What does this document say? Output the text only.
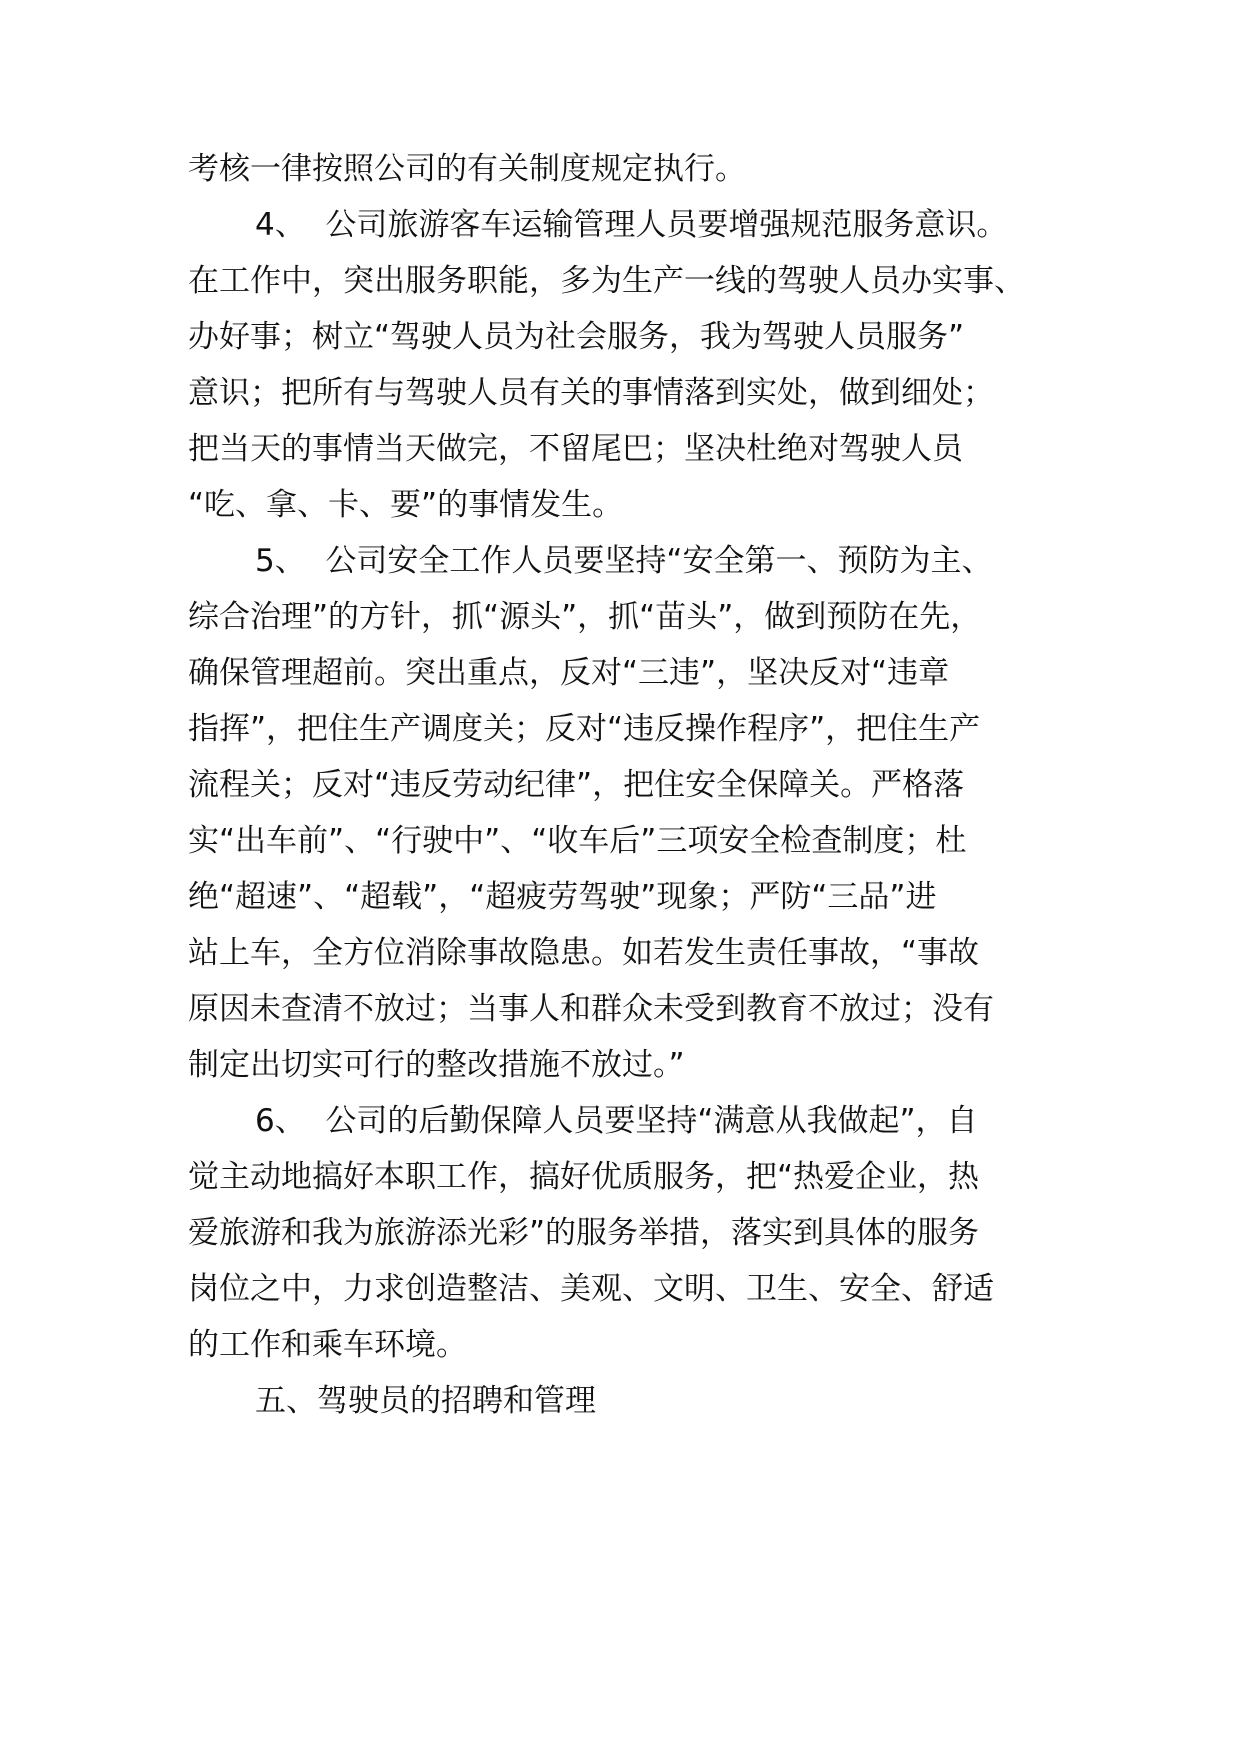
考核一律按照公司的有关制度规定执行。
4、  公司旅游客车运输管理人员要增强规范服务意识。
在工作中，突出服务职能，多为生产一线的驾驶人员办实事、
办好事；树立“驾驶人员为社会服务，我为驾驶人员服务”
意识；把所有与驾驶人员有关的事情落到实处，做到细处；
把当天的事情当天做完，不留尾巴；坚决杜绝对驾驶人员
“吃、拿、卡、要”的事情发生。
5、  公司安全工作人员要坚持“安全第一、预防为主、
综合治理”的方针，抓“源头”，抓“苗头”，做到预防在先，
确保管理超前。突出重点，反对“三违”，坚决反对“违章
指挥”，把住生产调度关；反对“违反操作程序”，把住生产
流程关；反对“违反劳动纪律”，把住安全保障关。严格落
实“出车前”、“行驶中”、“收车后”三项安全检查制度；杜
绝“超速”、“超载”，“超疲劳驾驶”现象；严防“三品”进
站上车，全方位消除事故隐患。如若发生责任事故，“事故
原因未查清不放过；当事人和群众未受到教育不放过；没有
制定出切实可行的整改措施不放过。”
6、  公司的后勤保障人员要坚持“满意从我做起”，自
觉主动地搞好本职工作，搞好优质服务，把“热爱企业，热
爱旅游和我为旅游添光彩”的服务举措，落实到具体的服务
岗位之中，力求创造整洁、美观、文明、卫生、安全、舒适
的工作和乘车环境。
五、驾驶员的招聘和管理
